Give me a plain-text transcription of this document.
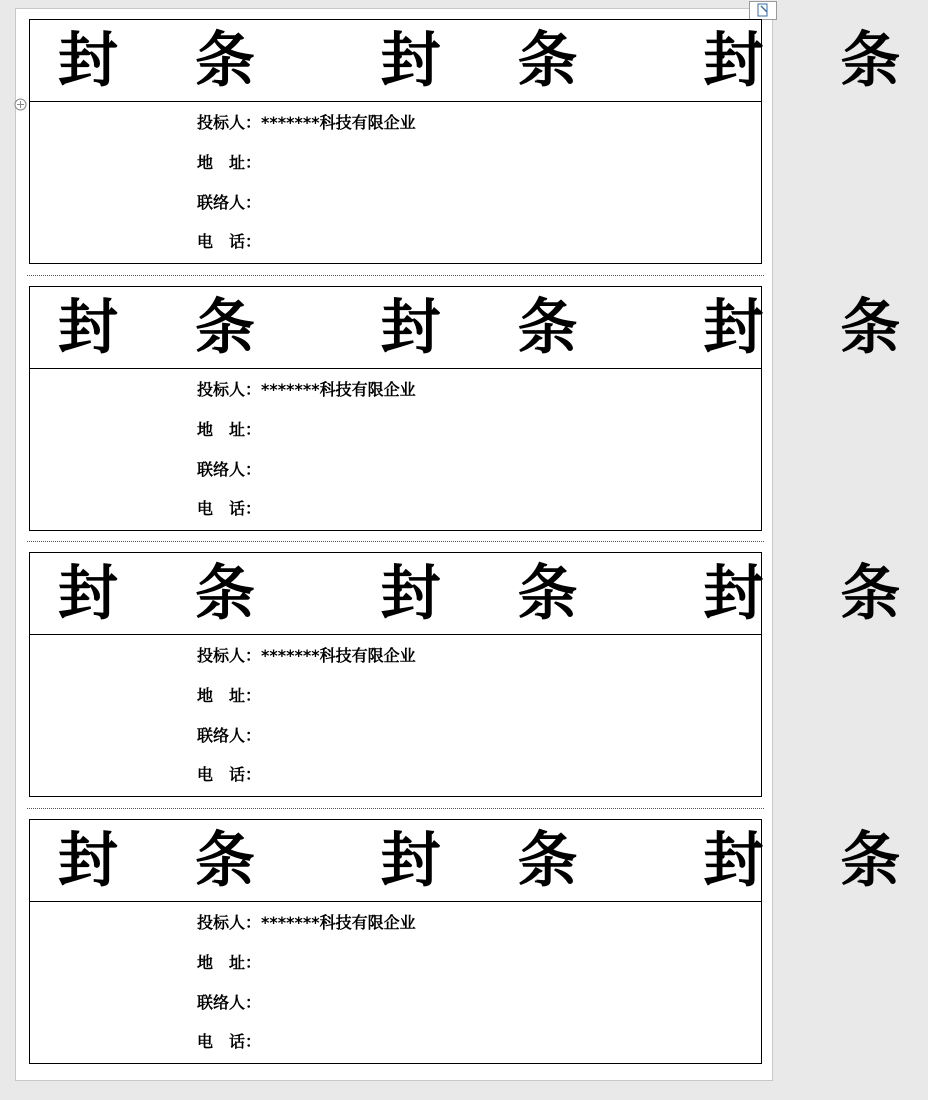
封 条  封 条  封 条
投标人：*******科技有限企业
地　址：
联络人：
电　话：
封 条  封 条  封 条
投标人：*******科技有限企业
地　址：
联络人：
电　话：
封 条  封 条  封 条
投标人：*******科技有限企业
地　址：
联络人：
电　话：
封 条  封 条  封 条
投标人：*******科技有限企业
地　址：
联络人：
电　话：
